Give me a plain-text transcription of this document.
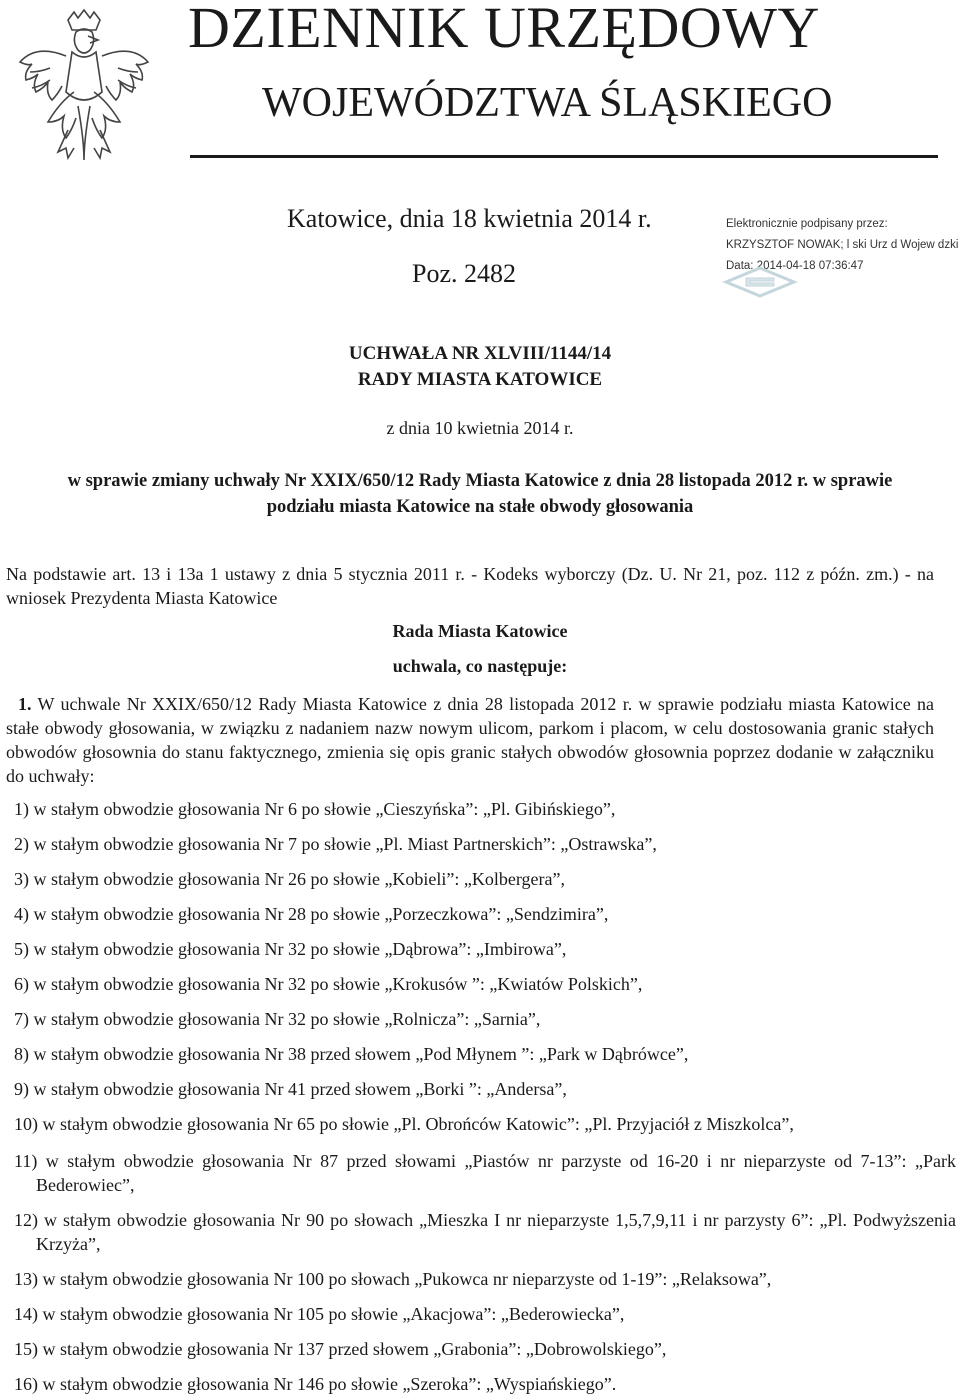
DZIENNIK URZĘDOWY
WOJEWÓDZTWA ŚLĄSKIEGO
Katowice, dnia 18 kwietnia 2014 r.
Poz. 2482
Elektronicznie podpisany przez:
KRZYSZTOF NOWAK; l ski Urz d Wojew dzki
Data: 2014-04-18 07:36:47
UCHWAŁA NR XLVIII/1144/14
RADY MIASTA KATOWICE
z dnia 10 kwietnia 2014 r.
w sprawie zmiany uchwały Nr XXIX/650/12 Rady Miasta Katowice z dnia 28 listopada 2012 r. w sprawie podziału miasta Katowice na stałe obwody głosowania
Na podstawie art. 13 i 13a 1 ustawy z dnia 5 stycznia 2011 r. - Kodeks wyborczy (Dz. U. Nr 21, poz. 112 z późn. zm.) - na wniosek Prezydenta Miasta Katowice
Rada Miasta Katowice
uchwala, co następuje:
1. W uchwale Nr XXIX/650/12 Rady Miasta Katowice z dnia 28 listopada 2012 r. w sprawie podziału miasta Katowice na stałe obwody głosowania, w związku z nadaniem nazw nowym ulicom, parkom i placom, w celu dostosowania granic stałych obwodów głosownia do stanu faktycznego, zmienia się opis granic stałych obwodów głosownia poprzez dodanie w załączniku do uchwały:
1) w stałym obwodzie głosowania Nr 6 po słowie „Cieszyńska”: „Pl. Gibińskiego”,
2) w stałym obwodzie głosowania Nr 7 po słowie „Pl. Miast Partnerskich”: „Ostrawska”,
3) w stałym obwodzie głosowania Nr 26 po słowie „Kobieli”: „Kolbergera”,
4) w stałym obwodzie głosowania Nr 28 po słowie „Porzeczkowa”: „Sendzimira”,
5) w stałym obwodzie głosowania Nr 32 po słowie „Dąbrowa”: „Imbirowa”,
6) w stałym obwodzie głosowania Nr 32 po słowie „Krokusów ”: „Kwiatów Polskich”,
7) w stałym obwodzie głosowania Nr 32 po słowie „Rolnicza”: „Sarnia”,
8) w stałym obwodzie głosowania Nr 38 przed słowem „Pod Młynem ”: „Park w Dąbrówce”,
9) w stałym obwodzie głosowania Nr 41 przed słowem „Borki ”: „Andersa”,
10) w stałym obwodzie głosowania Nr 65 po słowie „Pl. Obrońców Katowic”: „Pl. Przyjaciół z Miszkolca”,
11) w stałym obwodzie głosowania Nr 87 przed słowami „Piastów nr parzyste od 16-20 i nr nieparzyste od 7-13”: „Park Bederowiec”,
12) w stałym obwodzie głosowania Nr 90 po słowach „Mieszka I nr nieparzyste 1,5,7,9,11 i nr parzysty 6”: „Pl. Podwyższenia Krzyża”,
13) w stałym obwodzie głosowania Nr 100 po słowach „Pukowca nr nieparzyste od 1-19”: „Relaksowa”,
14) w stałym obwodzie głosowania Nr 105 po słowie „Akacjowa”: „Bederowiecka”,
15) w stałym obwodzie głosowania Nr 137 przed słowem „Grabonia”: „Dobrowolskiego”,
16) w stałym obwodzie głosowania Nr 146 po słowie „Szeroka”: „Wyspiańskiego”.
